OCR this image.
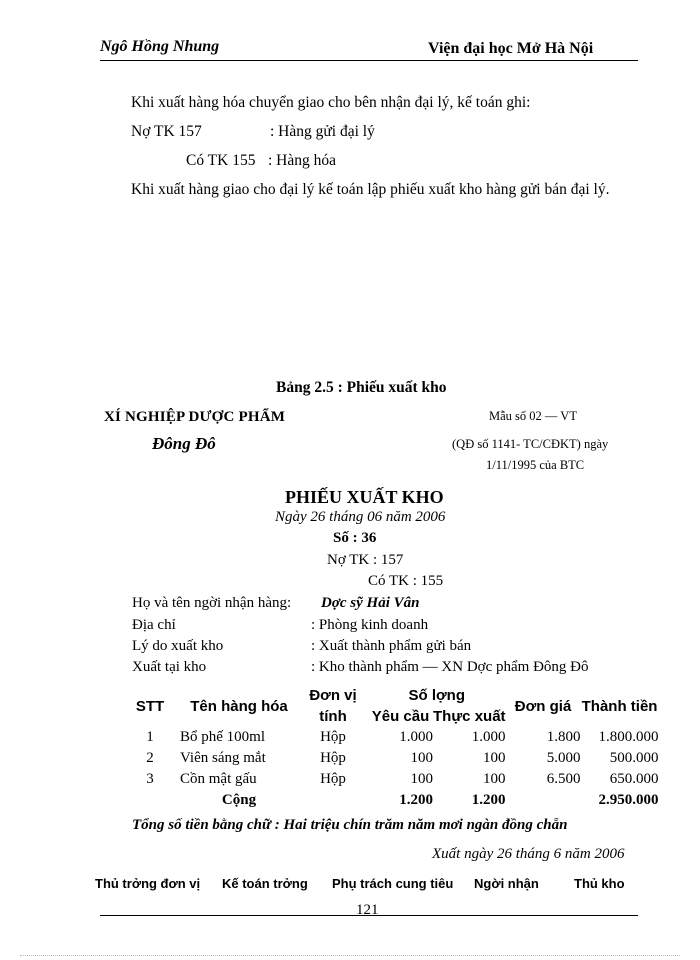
Ngô Hồng Nhung	Viện đại học Mở Hà Nội
Khi xuất hàng hóa chuyển giao cho bên nhận đại lý, kế toán ghi:
Nợ TK 157	: Hàng gửi đại lý
Có TK 155 : Hàng hóa
Khi xuất hàng giao cho đại lý kế toán lập phiếu xuất kho hàng gửi bán đại lý.
Bảng 2.5 : Phiếu xuất kho
XÍ NGHIỆP DƯỢC PHẨM
Đông Đô
Mẫu số 02 — VT
(QĐ số 1141- TC/CĐKT) ngày
1/11/1995 của BTC
PHIẾU XUẤT KHO
Ngày 26 tháng 06 năm 2006
Số : 36
Nợ TK : 157
Có TK : 155
Họ và tên ngời nhận hàng: Dợc sỹ Hải Vân
Địa chỉ	: Phòng kinh doanh
Lý do xuất kho	: Xuất thành phẩm gửi bán
Xuất tại kho	: Kho thành phẩm — XN Dợc phẩm Đông Đô
STT	Tên hàng hóa	Đơn vị	Số lợng		Đơn giá	Thành tiền
		tính	Yêu cầu	Thực xuất		
1	Bổ phế 100ml	Hộp	1.000	1.000	1.800	1.800.000
2	Viên sáng mắt	Hộp	100	100	5.000	500.000
3	Cồn mật gấu	Hộp	100	100	6.500	650.000
	Cộng		1.200	1.200		2.950.000
Tổng số tiền bằng chữ : Hai triệu chín trăm năm mơi ngàn đồng chẵn
Xuất ngày 26 tháng 6 năm 2006
Thủ trởng đơn vị Kế toán trởng Phụ trách cung tiêu Ngời nhận	Thủ kho
121
